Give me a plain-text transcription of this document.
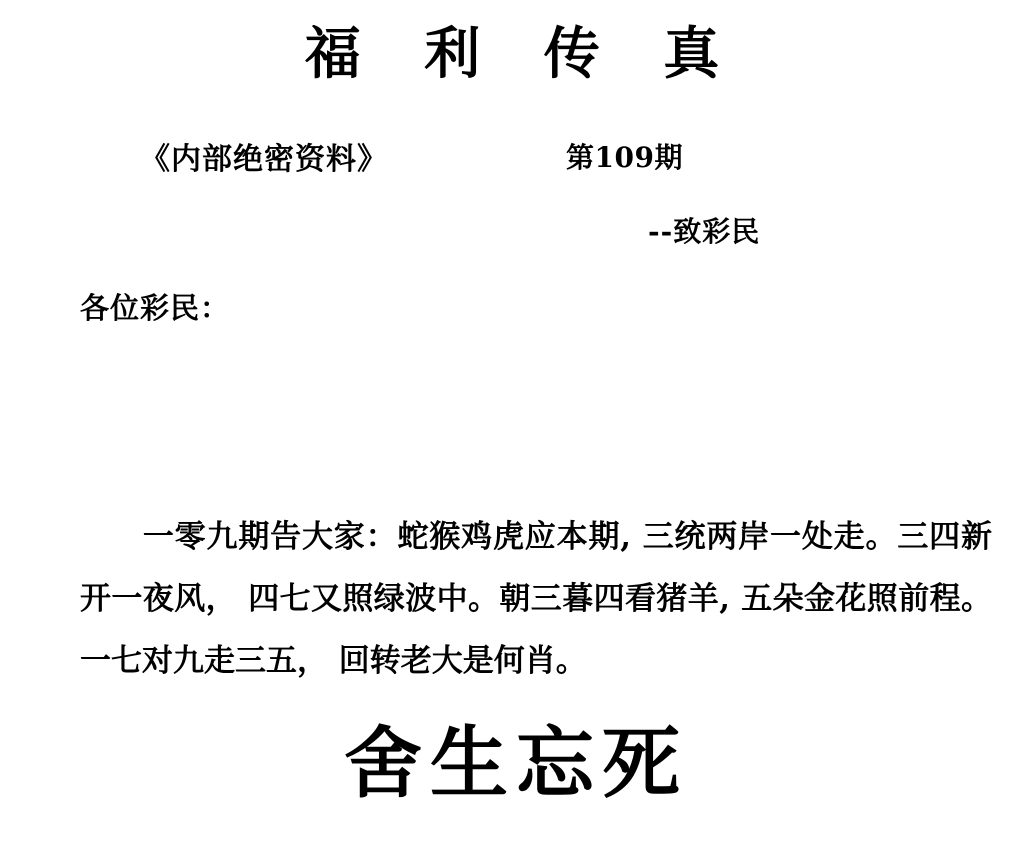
福 利 传 真
《内部绝密资料》	第109期
--致彩民
各位彩民：
一零九期告大家：蛇猴鸡虎应本期, 三统两岸一处走。三四新开一夜风， 四七又照绿波中。朝三暮四看猪羊, 五朵金花照前程。一七对九走三五， 回转老大是何肖。
舍生忘死
